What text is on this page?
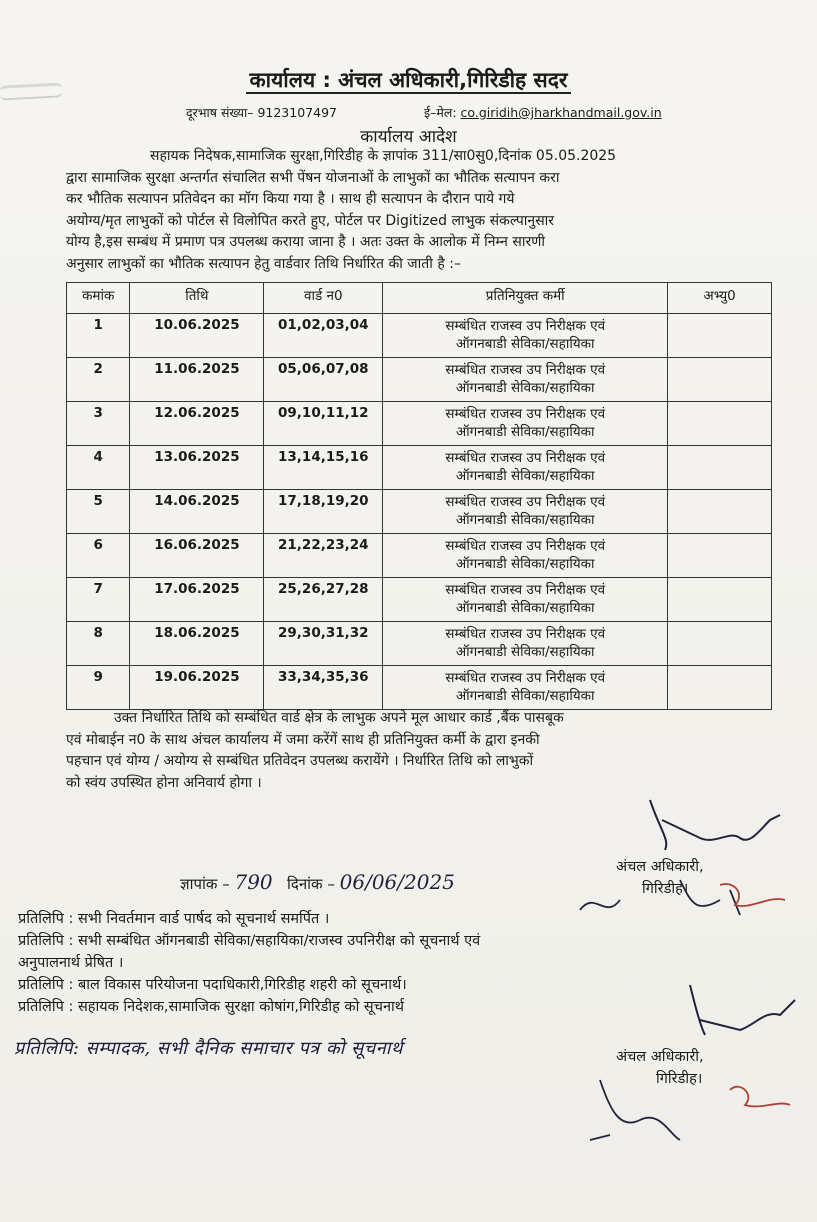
कार्यालय : अंचल अधिकारी,गिरिडीह सदर
दूरभाष संख्या– 9123107497	ई–मेल: co.giridih@jharkhandmail.gov.in
कार्यालय आदेश

सहायक निदेषक,सामाजिक सुरक्षा,गिरिडीह के ज्ञापांक 311/सा0सु0,दिनांक 05.05.2025

द्वारा सामाजिक सुरक्षा अन्तर्गत संचालित सभी पेंषन योजनाओं के लाभुकों का भौतिक सत्यापन करा

कर भौतिक सत्यापन प्रतिवेदन का मॉग किया गया है । साथ ही सत्यापन के दौरान पाये गये

अयोग्य/मृत लाभुकों को पोर्टल से विलोपित करते हुए, पोर्टल पर Digitized लाभुक संकल्पानुसार

योग्य है,इस सम्बंध में प्रमाण पत्र उपलब्ध कराया जाना है । अतः उक्त के आलोक में निम्न सारणी

अनुसार लाभुकों का भौतिक सत्यापन हेतु वार्डवार तिथि निर्धारित की जाती है :–

कमांक	तिथि	वार्ड न0	प्रतिनियुक्त कर्मी	अभ्यु0
1	10.06.2025	01,02,03,04	सम्बंधित राजस्व उप निरीक्षक एवं
ऑगनबाडी सेविका/सहायिका	

2	11.06.2025	05,06,07,08	सम्बंधित राजस्व उप निरीक्षक एवं
ऑगनबाडी सेविका/सहायिका	

3	12.06.2025	09,10,11,12	सम्बंधित राजस्व उप निरीक्षक एवं
ऑगनबाडी सेविका/सहायिका	

4	13.06.2025	13,14,15,16	सम्बंधित राजस्व उप निरीक्षक एवं
ऑगनबाडी सेविका/सहायिका	

5	14.06.2025	17,18,19,20	सम्बंधित राजस्व उप निरीक्षक एवं
ऑगनबाडी सेविका/सहायिका	

6	16.06.2025	21,22,23,24	सम्बंधित राजस्व उप निरीक्षक एवं
ऑगनबाडी सेविका/सहायिका	

7	17.06.2025	25,26,27,28	सम्बंधित राजस्व उप निरीक्षक एवं
ऑगनबाडी सेविका/सहायिका	

8	18.06.2025	29,30,31,32	सम्बंधित राजस्व उप निरीक्षक एवं
ऑगनबाडी सेविका/सहायिका	

9	19.06.2025	33,34,35,36	सम्बंधित राजस्व उप निरीक्षक एवं
ऑगनबाडी सेविका/सहायिका	

उक्त निर्धारित तिथि को सम्बंधित वार्ड क्षेत्र के लाभुक अपने मूल आधार कार्ड ,बैंक पासबूक

एवं मोबाईन न0 के साथ अंचल कार्यालय में जमा करेंगें साथ ही प्रतिनियुक्त कर्मी के द्वारा इनकी

पहचान एवं योग्य / अयोग्य से सम्बंधित प्रतिवेदन उपलब्ध करायेंगे । निर्धारित तिथि को लाभुकों

को स्वंय उपस्थित होना अनिवार्य होगा ।

अंचल अधिकारी,
गिरिडीह।
ज्ञापांक – 790 दिनांक – 06/06/2025

प्रतिलिपि : सभी निवर्तमान वार्ड पार्षद को सूचनार्थ समर्पित ।

प्रतिलिपि : सभी सम्बंधित ऑगनबाडी सेविका/सहायिका/राजस्व उपनिरीक्ष को सूचनार्थ एवं

अनुपालनार्थ प्रेषित ।

प्रतिलिपि : बाल विकास परियोजना पदाधिकारी,गिरिडीह शहरी को सूचनार्थ।

प्रतिलिपि : सहायक निदेशक,सामाजिक सुरक्षा कोषांग,गिरिडीह को सूचनार्थ

प्रतिलिपि: सम्पादक, सभी दैनिक समाचार पत्र को सूचनार्थ	अंचल अधिकारी,
गिरिडीह।
